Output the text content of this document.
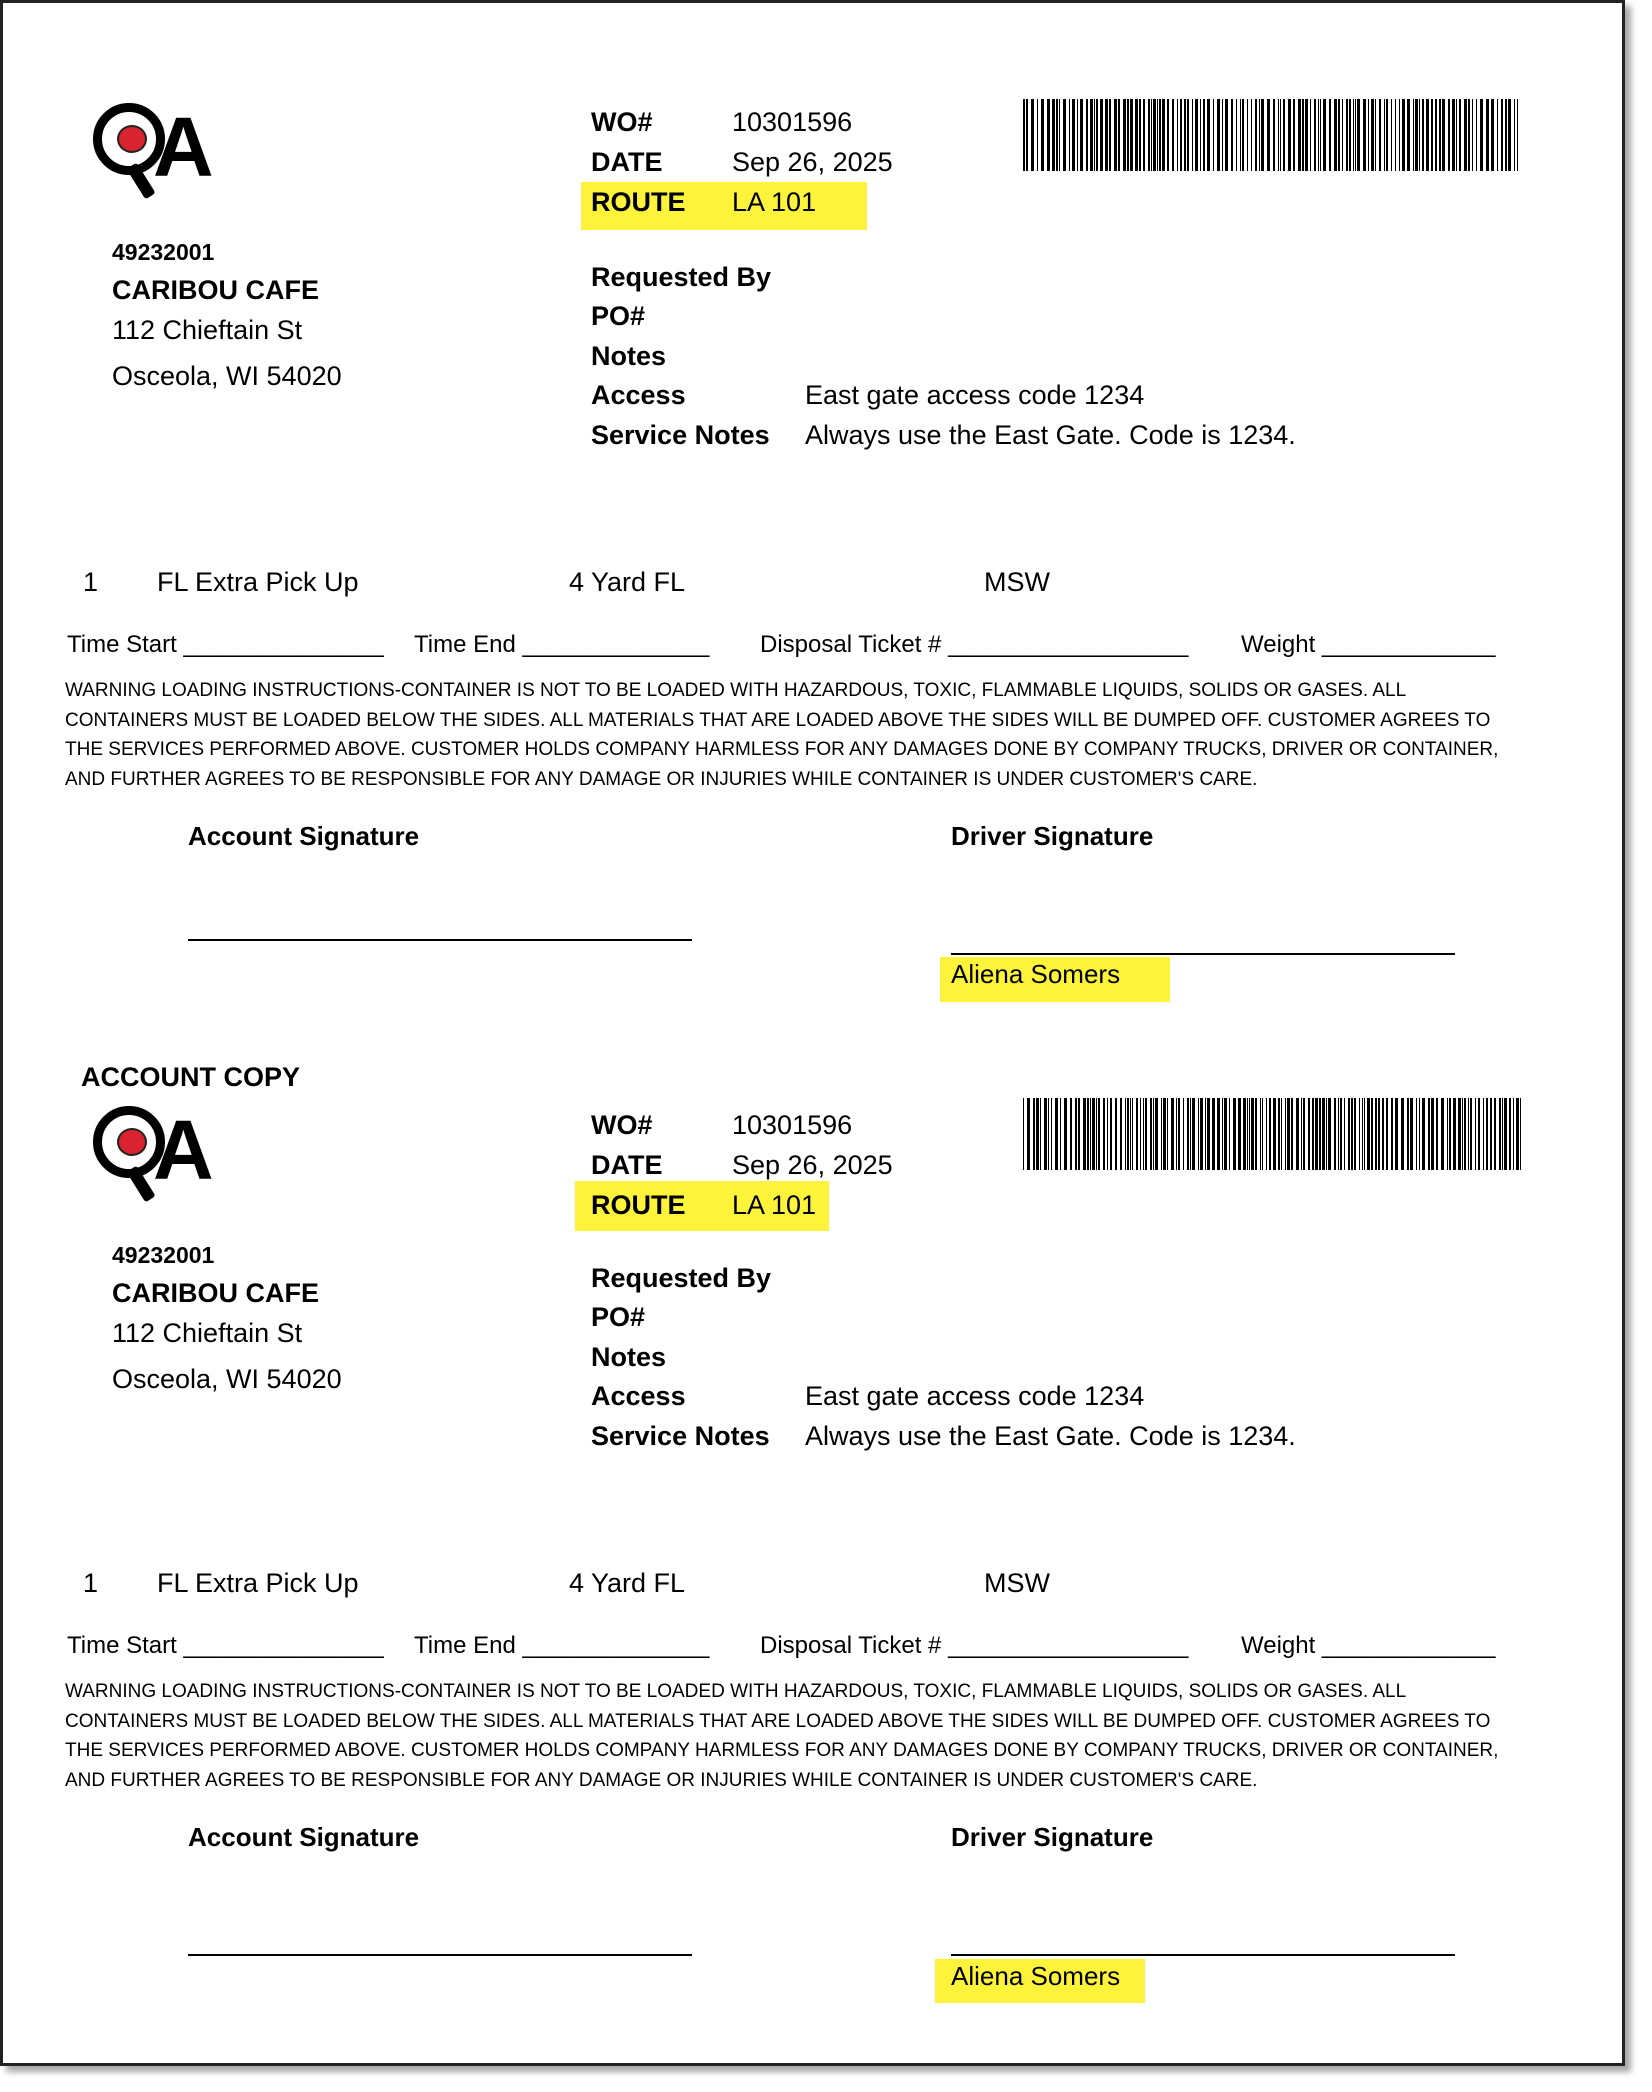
A
49232001
CARIBOU CAFE
112 Chieftain St
Osceola, WI 54020
WO#	10301596
DATE	Sep 26, 2025
ROUTE LA 101
Requested By
PO#
Notes
Access	East gate access code 1234
Service Notes Always use the East Gate. Code is 1234.
1 FL Extra Pick Up	4 Yard FL	MSW
Time Start _______________ Time End ______________ Disposal Ticket # __________________ Weight _____________
WARNING LOADING INSTRUCTIONS-CONTAINER IS NOT TO BE LOADED WITH HAZARDOUS, TOXIC, FLAMMABLE LIQUIDS, SOLIDS OR GASES. ALL CONTAINERS MUST BE LOADED BELOW THE SIDES. ALL MATERIALS THAT ARE LOADED ABOVE THE SIDES WILL BE DUMPED OFF. CUSTOMER AGREES TO THE SERVICES PERFORMED ABOVE. CUSTOMER HOLDS COMPANY HARMLESS FOR ANY DAMAGES DONE BY COMPANY TRUCKS, DRIVER OR CONTAINER, AND FURTHER AGREES TO BE RESPONSIBLE FOR ANY DAMAGE OR INJURIES WHILE CONTAINER IS UNDER CUSTOMER'S CARE.
Account Signature	Driver Signature
Aliena Somers
ACCOUNT COPY
A
49232001
CARIBOU CAFE
112 Chieftain St
Osceola, WI 54020
WO#	10301596
DATE	Sep 26, 2025
ROUTE LA 101
Requested By
PO#
Notes
Access	East gate access code 1234
Service Notes Always use the East Gate. Code is 1234.
1 FL Extra Pick Up	4 Yard FL	MSW
Time Start _______________ Time End ______________ Disposal Ticket # __________________ Weight _____________
WARNING LOADING INSTRUCTIONS-CONTAINER IS NOT TO BE LOADED WITH HAZARDOUS, TOXIC, FLAMMABLE LIQUIDS, SOLIDS OR GASES. ALL CONTAINERS MUST BE LOADED BELOW THE SIDES. ALL MATERIALS THAT ARE LOADED ABOVE THE SIDES WILL BE DUMPED OFF. CUSTOMER AGREES TO THE SERVICES PERFORMED ABOVE. CUSTOMER HOLDS COMPANY HARMLESS FOR ANY DAMAGES DONE BY COMPANY TRUCKS, DRIVER OR CONTAINER, AND FURTHER AGREES TO BE RESPONSIBLE FOR ANY DAMAGE OR INJURIES WHILE CONTAINER IS UNDER CUSTOMER'S CARE.
Account Signature	Driver Signature
Aliena Somers
